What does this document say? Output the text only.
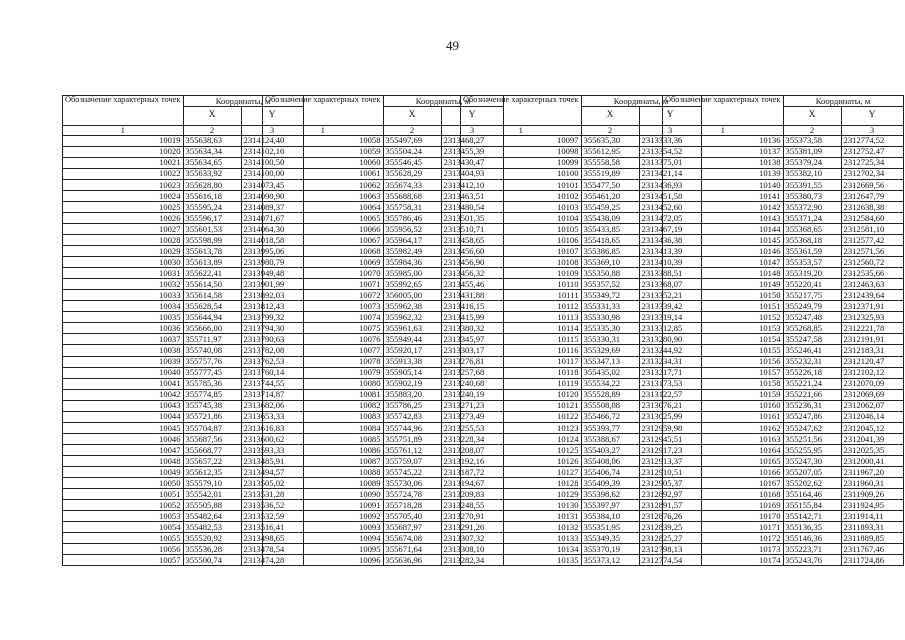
49
Обозначение характерных точек	Координаты, м	
	X	Y
1	2	3
10019	355638,63	2314124,40
10020	355634,34	2314102,16
10021	355634,65	2314100,50
10022	355633,92	2314100,00
10023	355628,80	2314073,45
10024	355616,18	2314090,90
10025	355595,24	2314089,37
10026	355596,17	2314071,67
10027	355601,53	2314064,30
10028	355598,99	2314018,58
10029	355613,78	2313995,06
10030	355613,89	2313980,79
10031	355622,41	2313949,48
10032	355614,50	2313901,99
10033	355614,58	2313892,03
10034	355628,54	2313812,43
10035	355644,94	2313799,32
10036	355666,00	2313794,30
10037	355711,97	2313790,63
10038	355740,08	2313782,08
10039	355757,76	2313762,53
10040	355777,45	2313760,14
10041	355785,36	2313744,55
10042	355774,85	2313714,87
10043	355745,38	2313682,06
10044	355721,86	2313653,33
10045	355704,87	2313616,83
10046	355687,56	2313600,62
10047	355668,77	2313593,33
10048	355657,22	2313485,91
10049	355612,35	2313494,57
10050	355579,10	2313505,02
10051	355542,01	2313531,28
10052	355505,88	2313536,52
10053	355482,64	2313532,59
10054	355482,53	2313516,41
10055	355520,92	2313498,65
10056	355536,28	2313478,54
10057	355500,74	2313474,28
Обозначение характерных точек	Координаты, м	
	X	Y
1	2	3
10058	355497,69	2313468,27
10059	355504,24	2313455,39
10060	355546,45	2313430,47
10061	355628,29	2313404,93
10062	355674,33	2313412,10
10063	355688,68	2313463,51
10064	355758,31	2313480,54
10065	355786,46	2313501,35
10066	355956,52	2313510,71
10067	355964,17	2313458,65
10068	355982,49	2313456,60
10069	355984,36	2313456,90
10070	355985,00	2313456,32
10071	355992,65	2313455,46
10072	356005,00	2313431,88
10073	355962,38	2313416,15
10074	355962,32	2313415,99
10075	355961,63	2313380,32
10076	355949,44	2313345,97
10077	355920,17	2313303,17
10078	355913,38	2313276,81
10079	355905,14	2313257,68
10080	355902,19	2313240,68
10081	355883,20	2313240,19
10082	355786,25	2313271,23
10083	355742,83	2313273,49
10084	355744,96	2313255,53
10085	355751,89	2313228,34
10086	355761,12	2313208,07
10087	355759,07	2313192,16
10088	355745,22	2313187,72
10089	355730,06	2313194,67
10090	355724,78	2313209,83
10091	355718,28	2313248,55
10092	355705,40	2313270,91
10093	355687,97	2313291,26
10094	355674,08	2313307,32
10095	355671,64	2313308,10
10096	355636,96	2313282,34
Обозначение характерных точек	Координаты, м	
	X	Y
1	2	3
10097	355635,30	2313333,36
10098	355612,95	2313354,52
10099	355558,58	2313375,01
10100	355519,89	2313421,14
10101	355477,50	2313436,93
10102	355461,20	2313451,58
10103	355459,25	2313452,60
10104	355438,09	2313472,05
10105	355433,85	2313467,19
10106	355418,65	2313436,38
10107	355386,85	2313413,39
10108	355369,10	2313410,39
10109	355350,88	2313388,51
10110	355357,52	2313368,07
10111	355349,72	2313352,21
10112	355331,33	2313339,42
10113	355330,98	2313319,14
10114	355335,30	2313312,85
10115	355330,31	2313280,90
10116	355329,69	2313244,92
10117	355347,13	2313234,31
10118	355435,02	2313217,71
10119	355534,22	2313173,53
10120	355528,89	2313122,57
10121	355508,08	2313076,21
10122	355466,72	2313025,99
10123	355393,77	2312959,98
10124	355388,67	2312945,51
10125	355403,27	2312917,23
10126	355408,06	2312913,37
10127	355406,74	2312910,51
10128	355409,39	2312905,37
10129	355398,62	2312892,97
10130	355397,97	2312891,57
10131	355384,10	2312876,26
10132	355351,95	2312839,25
10133	355349,35	2312825,27
10134	355370,19	2312798,13
10135	355373,12	2312774,54
Обозначение характерных точек	Координаты, м	
	X	Y
1	2	3
10136	355373,58	2312774,52
10137	355381,09	2312752,47
10138	355379,24	2312725,34
10139	355382,10	2312702,34
10140	355391,55	2312669,56
10141	355380,73	2312647,79
10142	355372,90	2312638,38
10143	355371,24	2312584,60
10144	355368,65	2312581,10
10145	355368,18	2312577,42
10146	355361,59	2312571,56
10147	355353,57	2312560,72
10148	355319,20	2312535,66
10149	355220,41	2312463,63
10150	355217,75	2312439,64
10151	355249,79	2312371,91
10152	355247,48	2312325,93
10153	355268,85	2312221,78
10154	355247,58	2312191,91
10155	355246,41	2312183,31
10156	355232,31	2312120,47
10157	355226,18	2312102,12
10158	355221,24	2312070,09
10159	355221,66	2312069,69
10160	355236,31	2312062,07
10161	355247,86	2312046,14
10162	355247,62	2312045,12
10163	355251,56	2312041,39
10164	355255,95	2312025,35
10165	355247,30	2312000,41
10166	355207,05	2311967,20
10167	355202,62	2311960,31
10168	355164,46	2311909,26
10169	355155,84	2311924,95
10170	355142,71	2311914,11
10171	355136,35	2311893,31
10172	355146,36	2311889,85
10173	355223,71	2311767,46
10174	355243,76	2311724,86
